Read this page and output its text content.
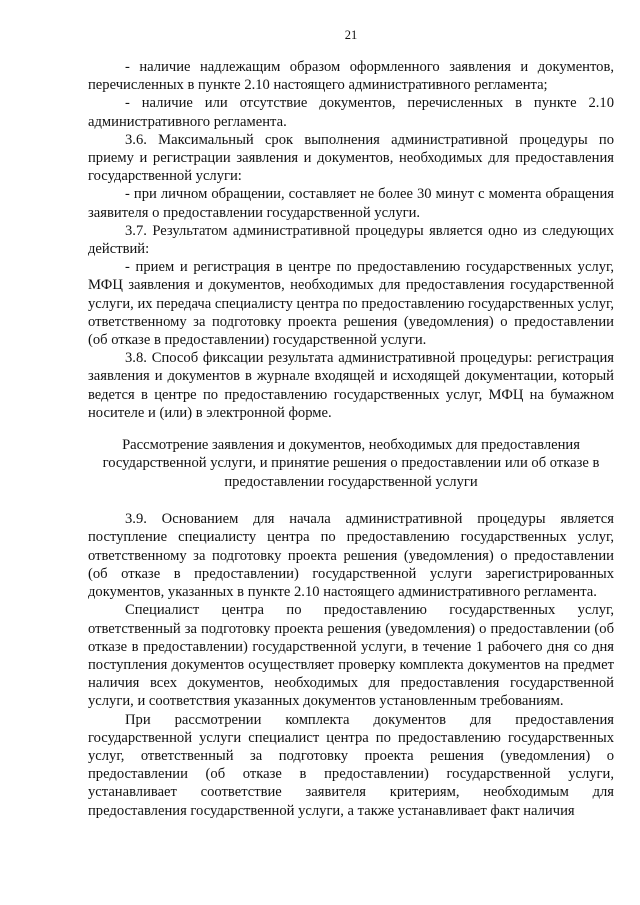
21

- наличие надлежащим образом оформленного заявления и документов, перечисленных в пункте 2.10 настоящего административного регламента;

- наличие или отсутствие документов, перечисленных в пункте 2.10 административного регламента.

3.6. Максимальный срок выполнения административной процедуры по приему и регистрации заявления и документов, необходимых для предоставления государственной услуги:

- при личном обращении, составляет не более 30 минут с момента обращения заявителя о предоставлении государственной услуги.

3.7. Результатом административной процедуры является одно из следующих действий:

- прием и регистрация в центре по предоставлению государственных услуг, МФЦ заявления и документов, необходимых для предоставления государственной услуги, их передача специалисту центра по предоставлению государственных услуг, ответственному за подготовку проекта решения (уведомления) о предоставлении (об отказе в предоставлении) государственной услуги.

3.8. Способ фиксации результата административной процедуры: регистрация заявления и документов в журнале входящей и исходящей документации, который ведется в центре по предоставлению государственных услуг, МФЦ на бумажном носителе и (или) в электронной форме.

Рассмотрение заявления и документов, необходимых для предоставления государственной услуги, и принятие решения о предоставлении или об отказе в предоставлении государственной услуги

3.9. Основанием для начала административной процедуры является поступление специалисту центра по предоставлению государственных услуг, ответственному за подготовку проекта решения (уведомления) о предоставлении (об отказе в предоставлении) государственной услуги зарегистрированных документов, указанных в пункте 2.10 настоящего административного регламента.

Специалист центра по предоставлению государственных услуг, ответственный за подготовку проекта решения (уведомления) о предоставлении (об отказе в предоставлении) государственной услуги, в течение 1 рабочего дня со дня поступления документов осуществляет проверку комплекта документов на предмет наличия всех документов, необходимых для предоставления государственной услуги, и соответствия указанных документов установленным требованиям.

При рассмотрении комплекта документов для предоставления государственной услуги специалист центра по предоставлению государственных услуг, ответственный за подготовку проекта решения (уведомления) о предоставлении (об отказе в предоставлении) государственной услуги, устанавливает соответствие заявителя критериям, необходимым для предоставления государственной услуги, а также устанавливает факт наличия
